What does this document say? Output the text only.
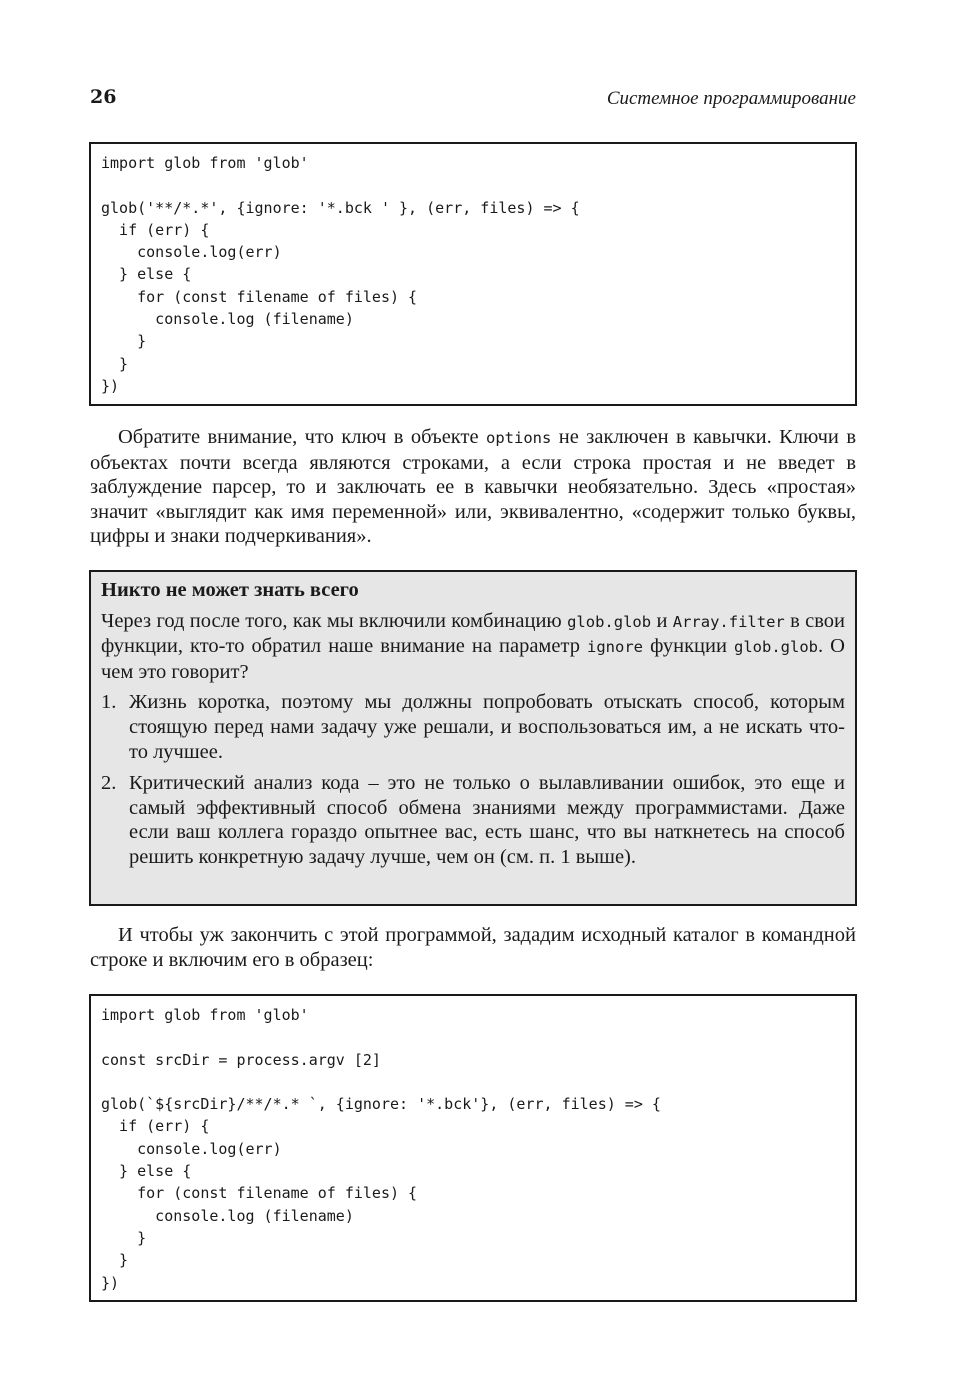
26	Системное программирование
import glob from 'glob'

glob('**/*.*', {ignore: '*.bck ' }, (err, files) => {
if (err) {
console.log(err)
} else {
for (const filename of files) {
console.log (filename)
}
}
})

Обратите внимание, что ключ в объекте options не заключен в кавычки. Ключи в объектах почти всегда являются строками, а если строка простая и не введет в заблуждение парсер, то и заключать ее в кавычки необязательно. Здесь «простая» значит «выглядит как имя переменной» или, эквивалентно, «содержит только буквы, цифры и знаки подчеркивания».

Никто не может знать всего

Через год после того, как мы включили комбинацию glob.glob и Array.filter в свои функции, кто-то обратил наше внимание на параметр ignore функции glob.glob. О чем это говорит?

1. Жизнь коротка, поэтому мы должны попробовать отыскать способ, которым стоящую перед нами задачу уже решали, и воспользоваться им, а не искать что-то лучшее.
2. Критический анализ кода – это не только о вылавливании ошибок, это еще и самый эффективный способ обмена знаниями между программистами. Даже если ваш коллега гораздо опытнее вас, есть шанс, что вы наткнетесь на способ решить конкретную задачу лучше, чем он (см. п. 1 выше).

И чтобы уж закончить с этой программой, зададим исходный каталог в командной строке и включим его в образец:

import glob from 'glob'

const srcDir = process.argv [2]

glob(`${srcDir}/**/*.* `, {ignore: '*.bck'}, (err, files) => {
if (err) {
console.log(err)
} else {
for (const filename of files) {
console.log (filename)
}
}
})
